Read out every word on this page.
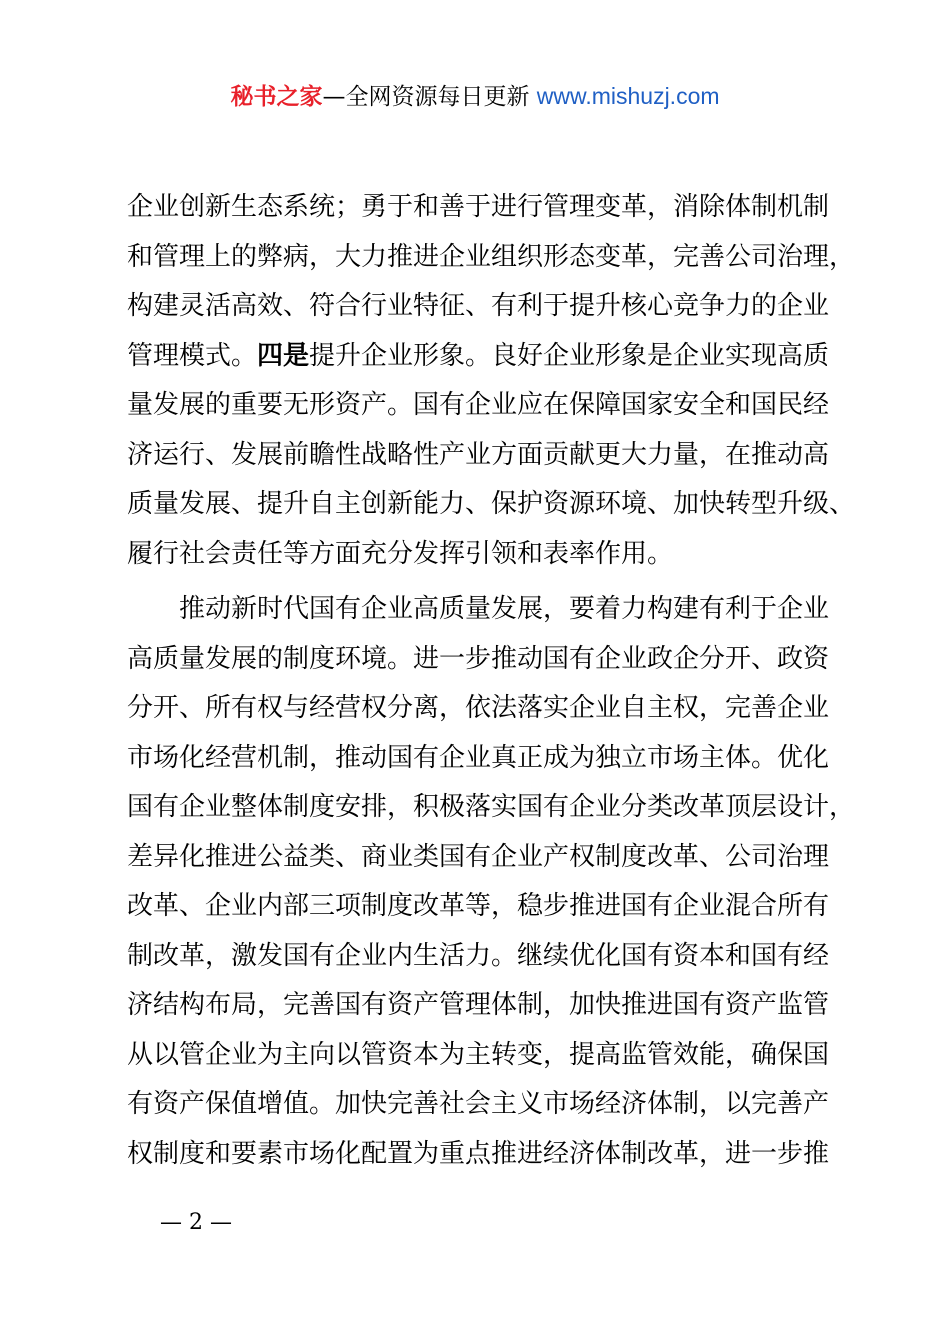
秘书之家—全网资源每日更新 www.mishuzj.com
企业创新生态系统；勇于和善于进行管理变革，消除体制机制
和管理上的弊病，大力推进企业组织形态变革，完善公司治理，
构建灵活高效、符合行业特征、有利于提升核心竞争力的企业
管理模式。四是提升企业形象。良好企业形象是企业实现高质
量发展的重要无形资产。国有企业应在保障国家安全和国民经
济运行、发展前瞻性战略性产业方面贡献更大力量，在推动高
质量发展、提升自主创新能力、保护资源环境、加快转型升级、
履行社会责任等方面充分发挥引领和表率作用。
推动新时代国有企业高质量发展，要着力构建有利于企业
高质量发展的制度环境。进一步推动国有企业政企分开、政资
分开、所有权与经营权分离，依法落实企业自主权，完善企业
市场化经营机制，推动国有企业真正成为独立市场主体。优化
国有企业整体制度安排，积极落实国有企业分类改革顶层设计，
差异化推进公益类、商业类国有企业产权制度改革、公司治理
改革、企业内部三项制度改革等，稳步推进国有企业混合所有
制改革，激发国有企业内生活力。继续优化国有资本和国有经
济结构布局，完善国有资产管理体制，加快推进国有资产监管
从以管企业为主向以管资本为主转变，提高监管效能，确保国
有资产保值增值。加快完善社会主义市场经济体制，以完善产
权制度和要素市场化配置为重点推进经济体制改革，进一步推
— 2 —
